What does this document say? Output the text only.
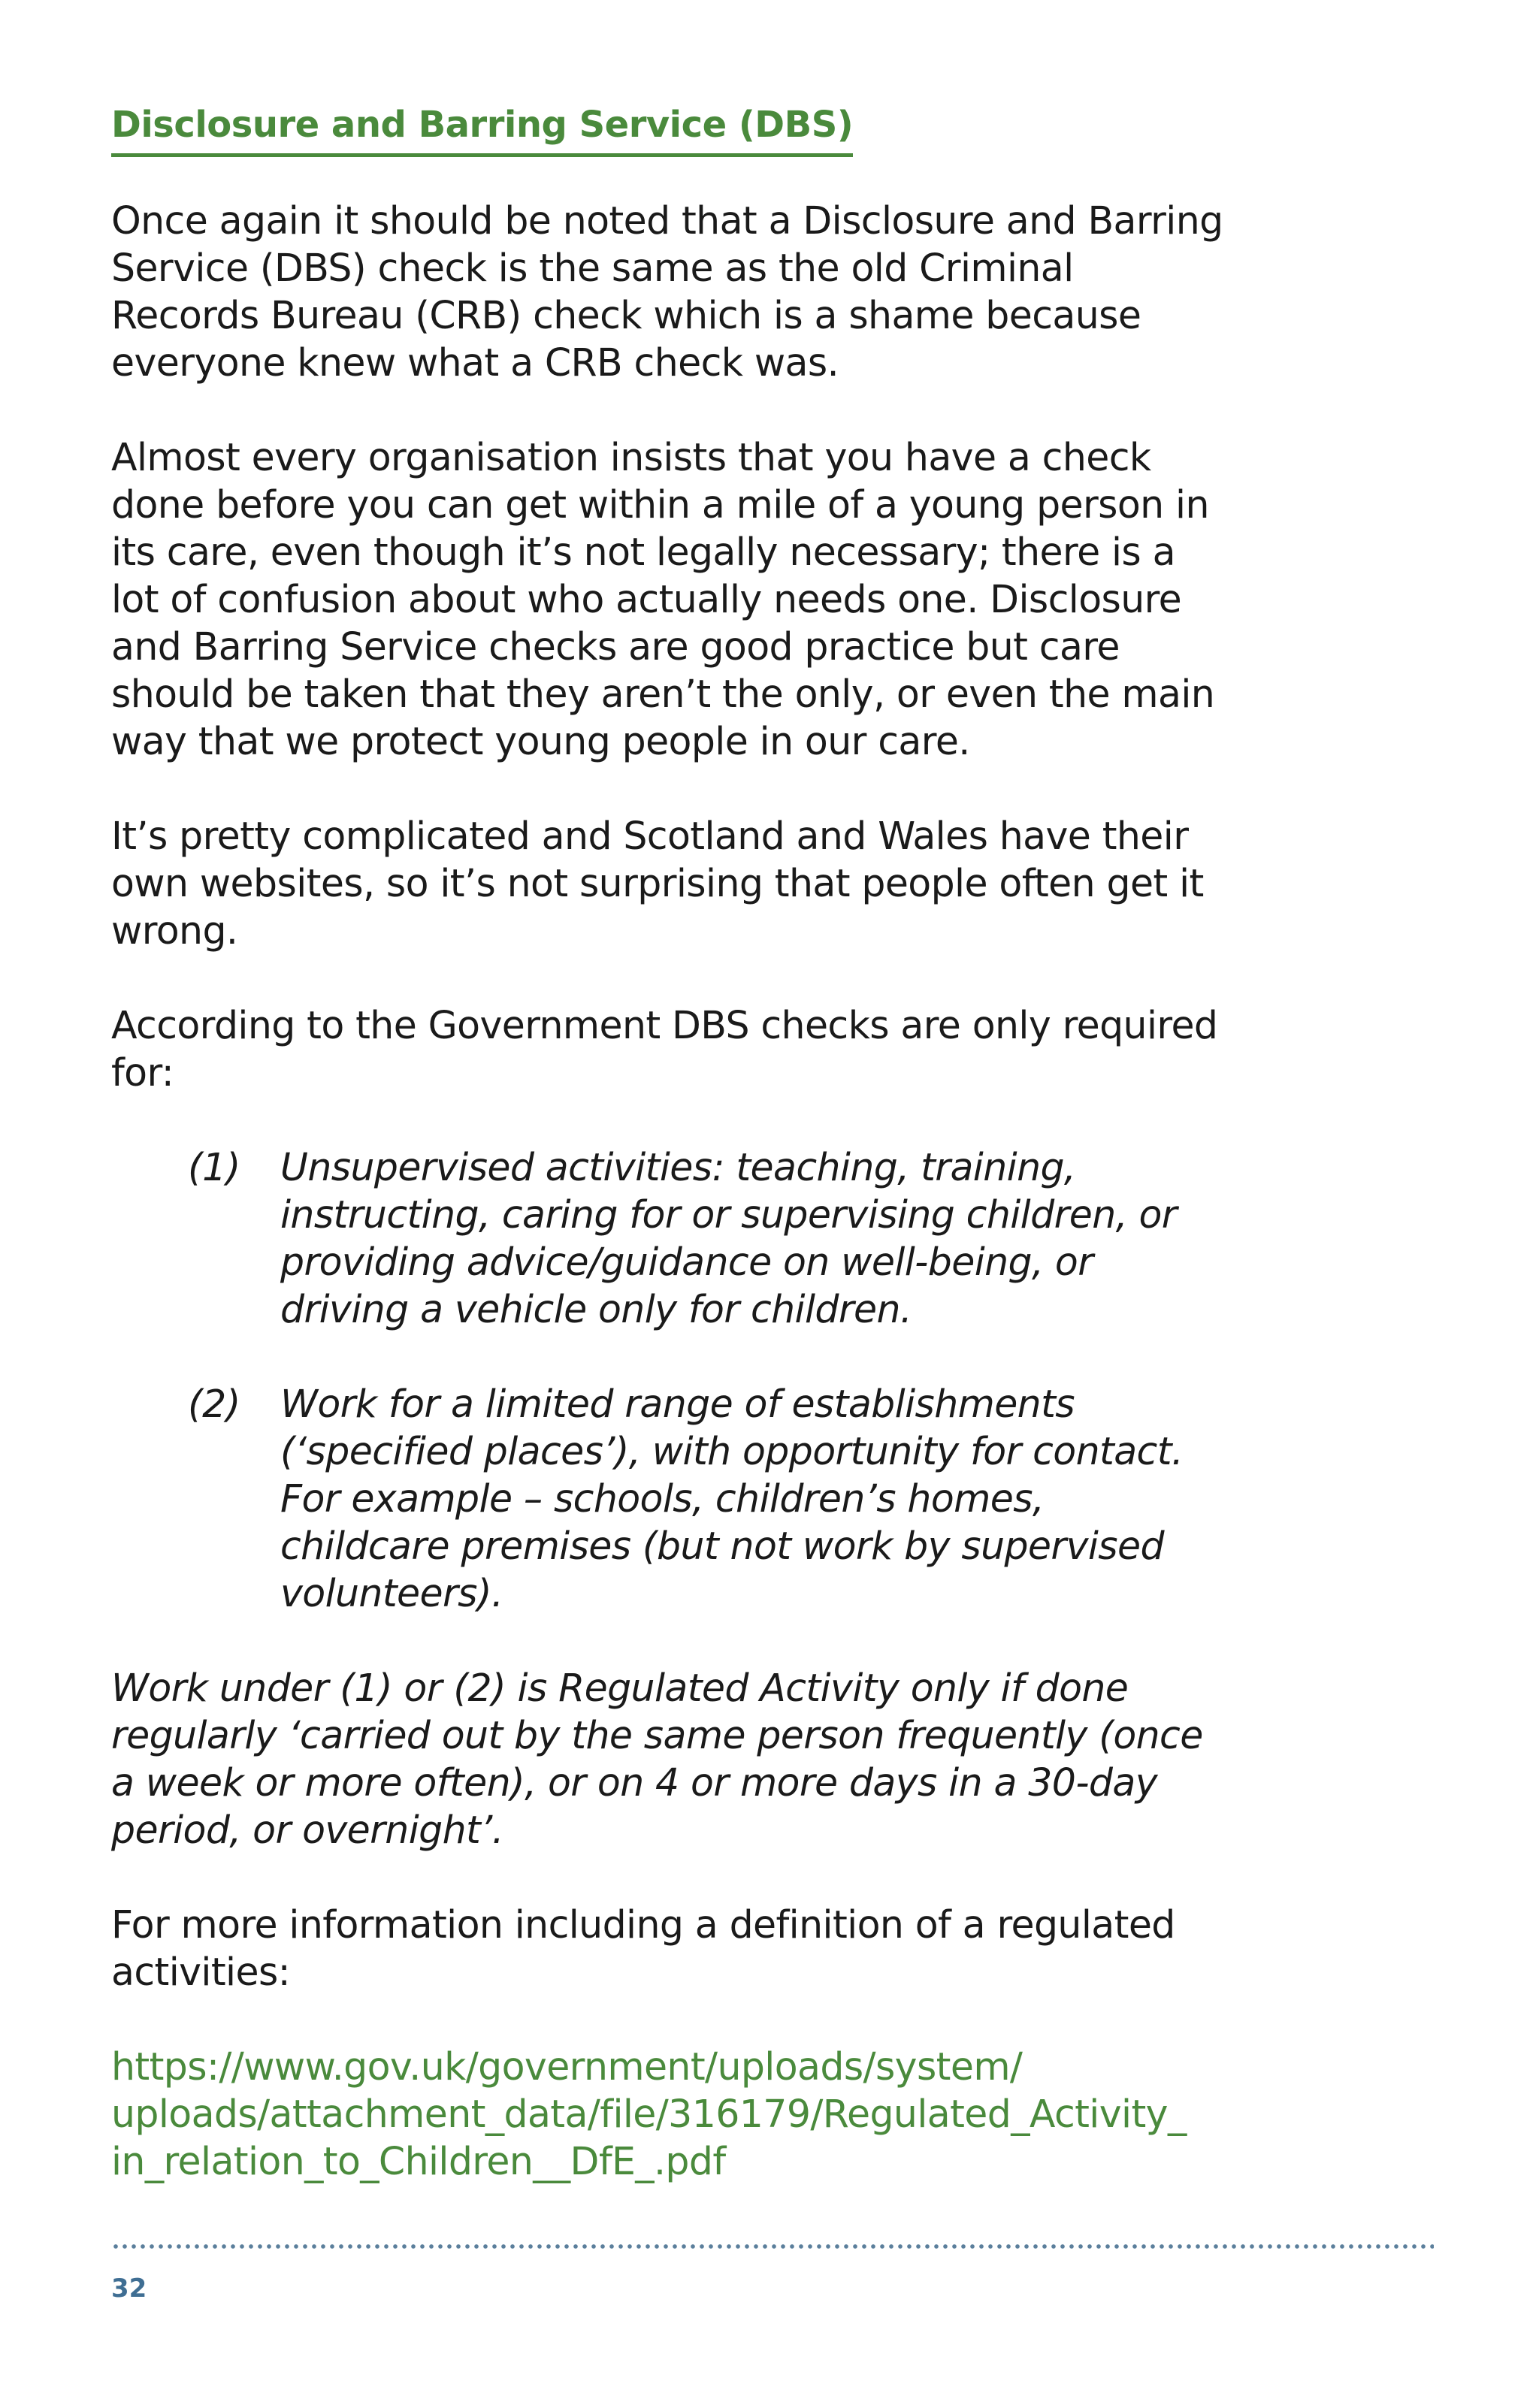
Disclosure and Barring Service (DBS)

Once again it should be noted that a Disclosure and Barring Service (DBS) check is the same as the old Criminal Records Bureau (CRB) check which is a shame because everyone knew what a CRB check was.

Almost every organisation insists that you have a check done before you can get within a mile of a young person in its care, even though it’s not legally necessary; there is a lot of confusion about who actually needs one. Disclosure and Barring Service checks are good practice but care should be taken that they aren’t the only, or even the main way that we protect young people in our care.

It’s pretty complicated and Scotland and Wales have their own websites, so it’s not surprising that people often get it wrong.

According to the Government DBS checks are only required for:

(1)	Unsupervised activities: teaching, training, instructing, caring for or supervising children, or providing advice/guidance on well-being, or driving a vehicle only for children.
(2)	Work for a limited range of establishments (‘specified places’), with opportunity for contact. For example – schools, children’s homes, childcare premises (but not work by supervised volunteers).

Work under (1) or (2) is Regulated Activity only if done regularly ‘carried out by the same person frequently (once a week or more often), or on 4 or more days in a 30-day period, or overnight’.

For more information including a definition of a regulated activities:

https://www.gov.uk/government/uploads/system/
uploads/attachment_data/file/316179/Regulated_Activity_
in_relation_to_Children__DfE_.pdf

32
